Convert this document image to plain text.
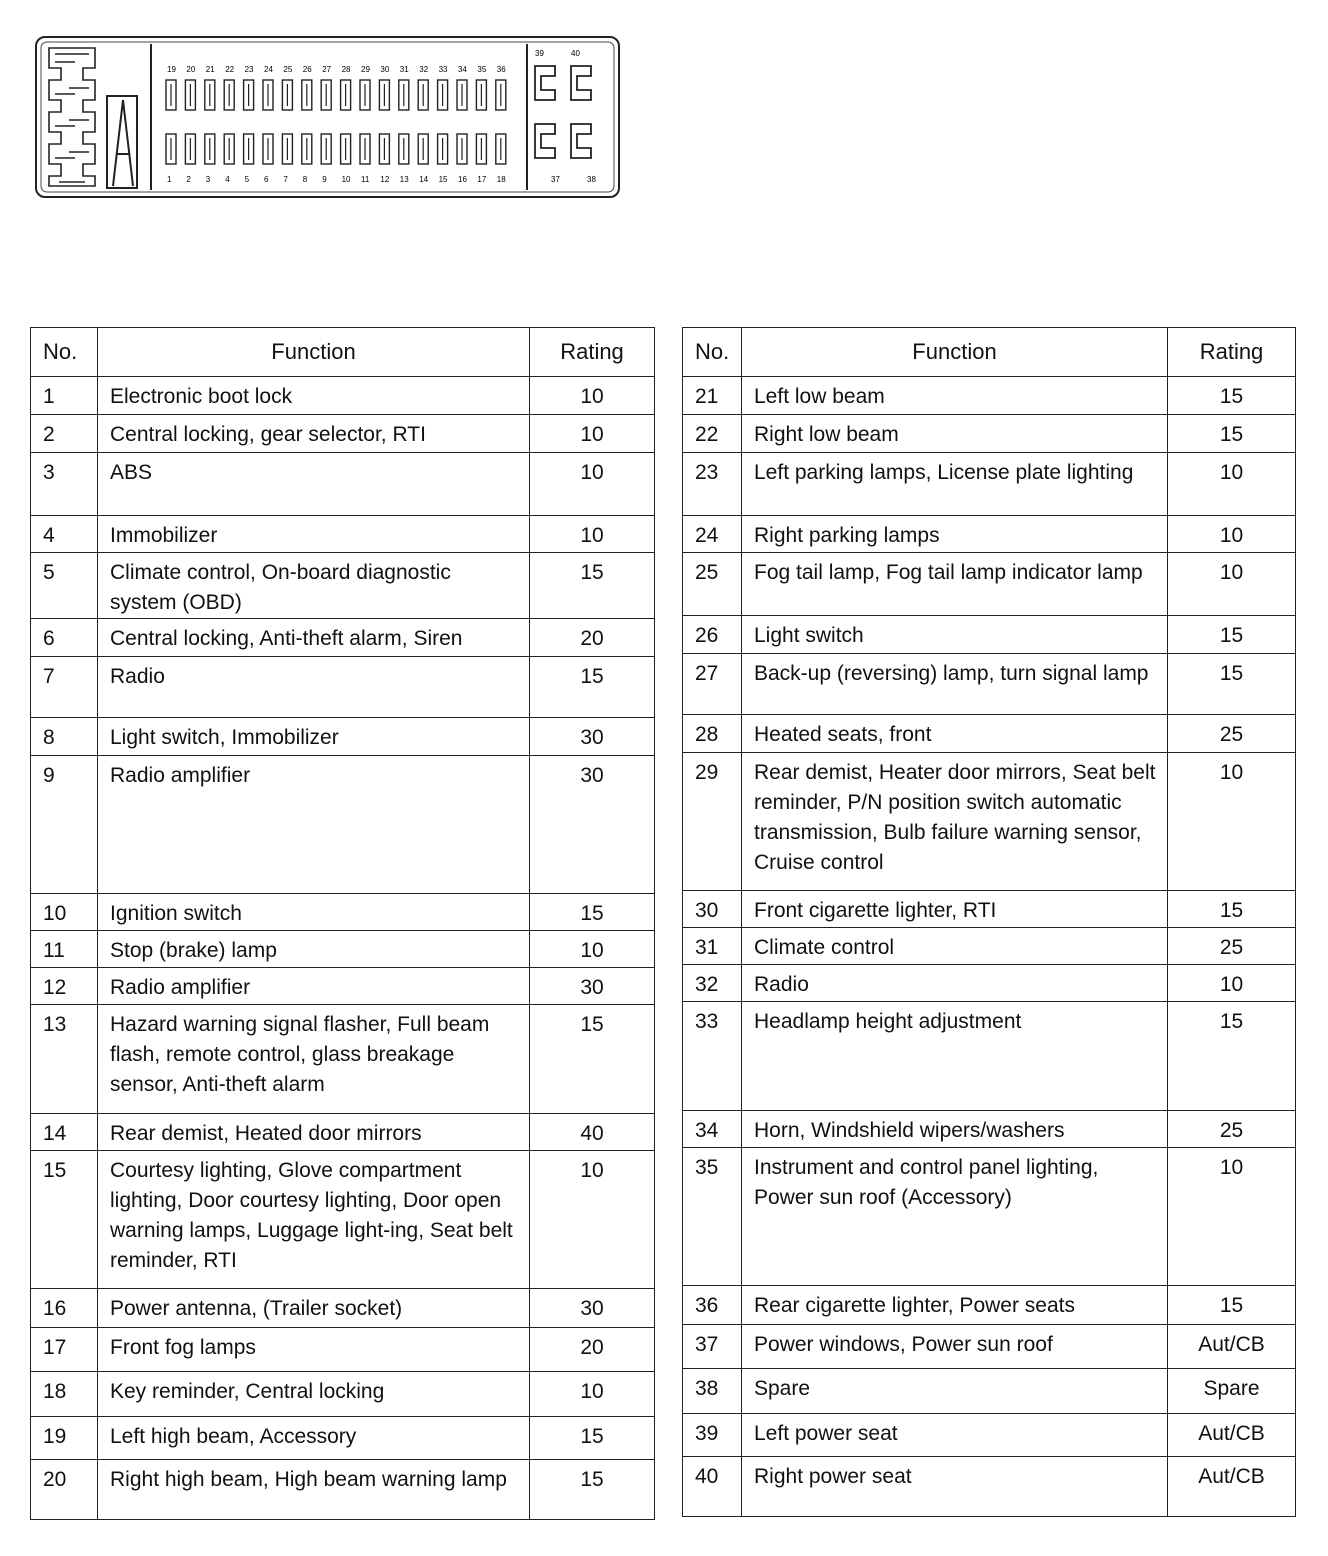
19 20 21 22 23 24 25 26 27 28 29 30 31 32 33 34 35 36
1 2 3 4 5 6 7 8 9 10 11 12 13 14 15 16 17 18
39	40
37	38
No.	Function	Rating
1	Electronic boot lock	10
2	Central locking, gear selector, RTI	10
3	ABS	10
4	Immobilizer	10
5	Climate control, On-board diagnostic system (OBD)	15
6	Central locking, Anti-theft alarm, Siren	20
7	Radio	15
8	Light switch, Immobilizer	30
9	Radio amplifier	30
10	Ignition switch	15
11	Stop (brake) lamp	10
12	Radio amplifier	30
13	Hazard warning signal flasher, Full beam flash, remote control, glass breakage sensor, Anti-theft alarm	15
14	Rear demist, Heated door mirrors	40
15	Courtesy lighting, Glove compartment lighting, Door courtesy lighting, Door open warning lamps, Luggage light-ing, Seat belt reminder, RTI	10
16	Power antenna, (Trailer socket)	30
17	Front fog lamps	20
18	Key reminder, Central locking	10
19	Left high beam, Accessory	15
20	Right high beam, High beam warning lamp	15
No.	Function	Rating
21	Left low beam	15
22	Right low beam	15
23	Left parking lamps, License plate lighting	10
24	Right parking lamps	10
25	Fog tail lamp, Fog tail lamp indicator lamp	10
26	Light switch	15
27	Back-up (reversing) lamp, turn signal lamp	15
28	Heated seats, front	25
29	Rear demist, Heater door mirrors, Seat belt reminder, P/N position switch automatic transmission, Bulb failure warning sensor, Cruise control	10
30	Front cigarette lighter, RTI	15
31	Climate control	25
32	Radio	10
33	Headlamp height adjustment	15
34	Horn, Windshield wipers/washers	25
35	Instrument and control panel lighting, Power sun roof (Accessory)	10
36	Rear cigarette lighter, Power seats	15
37	Power windows, Power sun roof	Aut/CB
38	Spare	Spare
39	Left power seat	Aut/CB
40	Right power seat	Aut/CB
